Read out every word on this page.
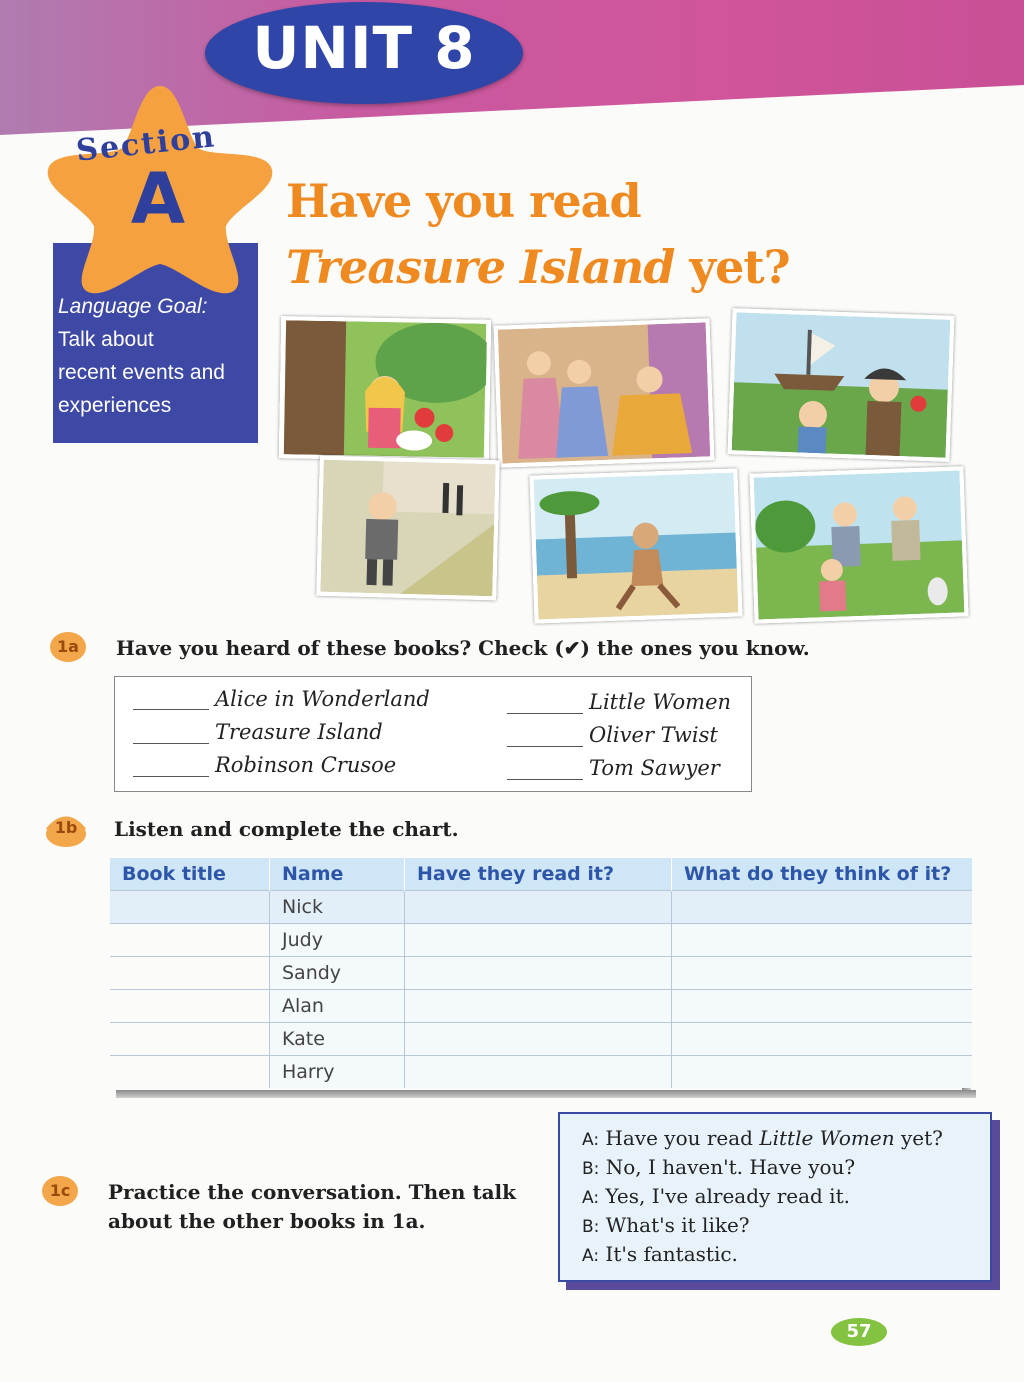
UNIT 8
Section
A
Language Goal:
Talk about
recent events and
experiences
Have you read
Treasure Island yet?
1a	Have you heard of these books? Check (✔) the ones you know.
Alice in Wonderland
Treasure Island
Robinson Crusoe
Little Women
Oliver Twist
Tom Sawyer
1b	Listen and complete the chart.
Book title	Name	Have they read it?	What do they think of it?
	Nick		
	Judy		
	Sandy		
	Alan		
	Kate		
	Harry		
1c	Practice the conversation. Then talk
about the other books in 1a.
A: Have you read Little Women yet?
B: No, I haven't. Have you?
A: Yes, I've already read it.
B: What's it like?
A: It's fantastic.
57
